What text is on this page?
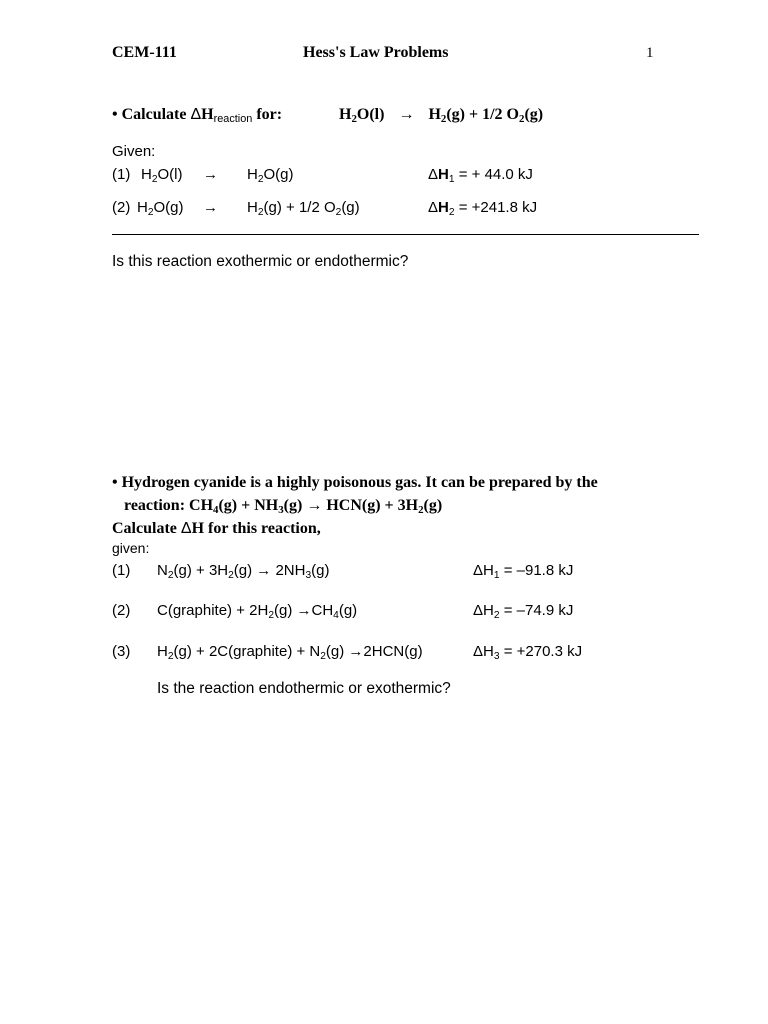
CEM-111	Hess's Law Problems	1
• Calculate $\Delta H_{reaction}$ for:	$H_2O(l) \to H_2(g) + 1/2$ $O_2(g)$
Given:
(1) $H_2O(l) \to H_2O(g)$	$\Delta H_1$ = + 44.0 kJ
(2) $H_2O(g) \to H_2(g) + 1/2$ $O_2(g)$	$\Delta H_2 = +241.8$ kJ
Is this reaction exothermic or endothermic?
• Hydrogen cyanide is a highly poisonous gas. It can be prepared by the
reaction: $CH_4(g) + NH_3(g) \to HCN(g) + 3H_2(g)$
Calculate ΔH for this reaction,
given:
(1) $N_2(g) + 3H_2(g) \to 2NH_3(g)$	$\Delta H_1 = -91.8$ kJ
(2) C(graphite) + $2H_2(g) \to CH_4(g)$	$\Delta H_2 = -74.9$ kJ
(3) $H_2(g)$ + 2C(graphite) + $N_2(g) \to 2HCN(g)$	$\Delta H_3 = +270.3$ kJ
Is the reaction endothermic or exothermic?
